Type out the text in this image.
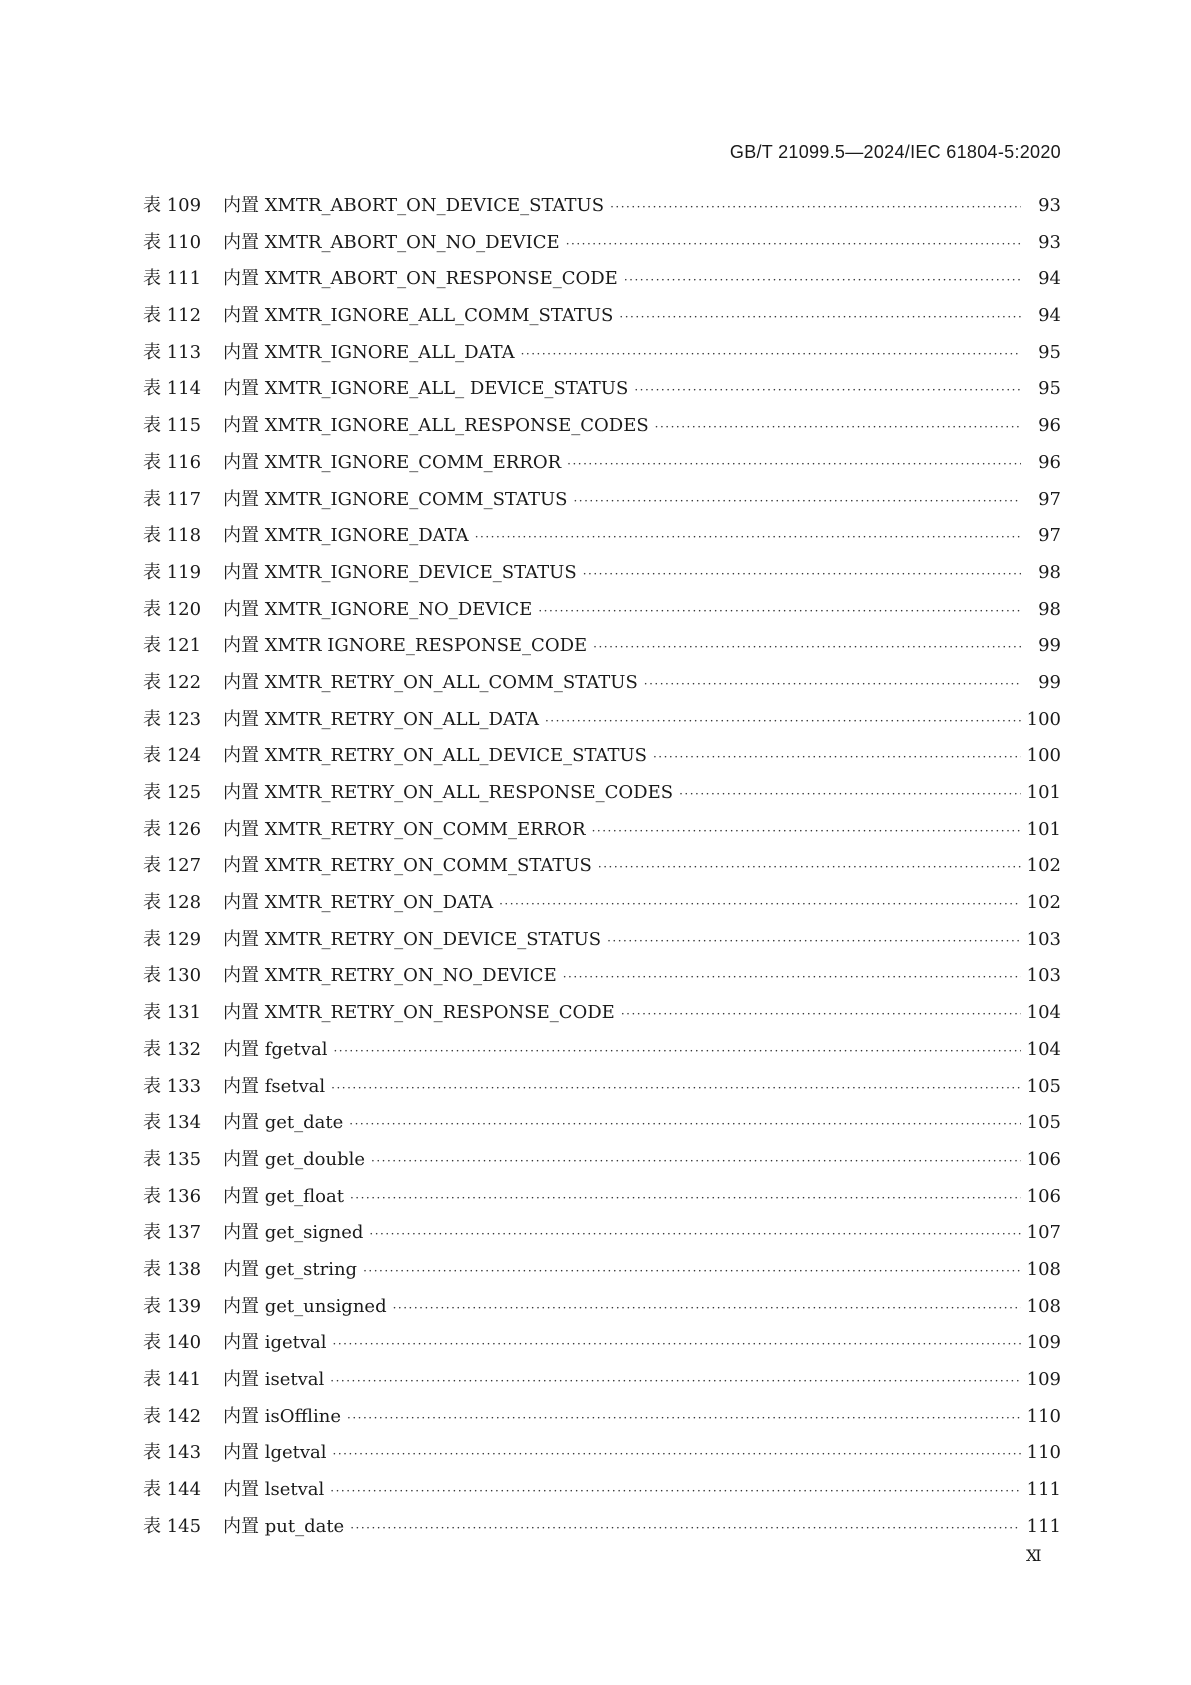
GB/T 21099.5—2024/IEC 61804-5:2020
表 109	内置 XMTR_ABORT_ON_DEVICE_STATUS ·····	93
表 110	内置 XMTR_ABORT_ON_NO_DEVICE ·····	93
表 111	内置 XMTR_ABORT_ON_RESPONSE_CODE ·····	94
表 112	内置 XMTR_IGNORE_ALL_COMM_STATUS ·····	94
表 113	内置 XMTR_IGNORE_ALL_DATA ·····	95
表 114	内置 XMTR_IGNORE_ALL_ DEVICE_STATUS ·····	95
表 115	内置 XMTR_IGNORE_ALL_RESPONSE_CODES ·····	96
表 116	内置 XMTR_IGNORE_COMM_ERROR ·····	96
表 117	内置 XMTR_IGNORE_COMM_STATUS ·····	97
表 118	内置 XMTR_IGNORE_DATA ·····	97
表 119	内置 XMTR_IGNORE_DEVICE_STATUS ·····	98
表 120	内置 XMTR_IGNORE_NO_DEVICE ·····	98
表 121	内置 XMTR IGNORE_RESPONSE_CODE ·····	99
表 122	内置 XMTR_RETRY_ON_ALL_COMM_STATUS ·····	99
表 123	内置 XMTR_RETRY_ON_ALL_DATA ·····	100
表 124	内置 XMTR_RETRY_ON_ALL_DEVICE_STATUS ·····	100
表 125	内置 XMTR_RETRY_ON_ALL_RESPONSE_CODES ·····	101
表 126	内置 XMTR_RETRY_ON_COMM_ERROR ·····	101
表 127	内置 XMTR_RETRY_ON_COMM_STATUS ·····	102
表 128	内置 XMTR_RETRY_ON_DATA ·····	102
表 129	内置 XMTR_RETRY_ON_DEVICE_STATUS ·····	103
表 130	内置 XMTR_RETRY_ON_NO_DEVICE ·····	103
表 131	内置 XMTR_RETRY_ON_RESPONSE_CODE ·····	104
表 132	内置 fgetval ·····	104
表 133	内置 fsetval ·····	105
表 134	内置 get_date ·····	105
表 135	内置 get_double ·····	106
表 136	内置 get_float ·····	106
表 137	内置 get_signed ·····	107
表 138	内置 get_string ·····	108
表 139	内置 get_unsigned ·····	108
表 140	内置 igetval ·····	109
表 141	内置 isetval ·····	109
表 142	内置 isOffline ·····	110
表 143	内置 lgetval ·····	110
表 144	内置 lsetval ·····	111
表 145	内置 put_date ·····	111
Ⅺ
